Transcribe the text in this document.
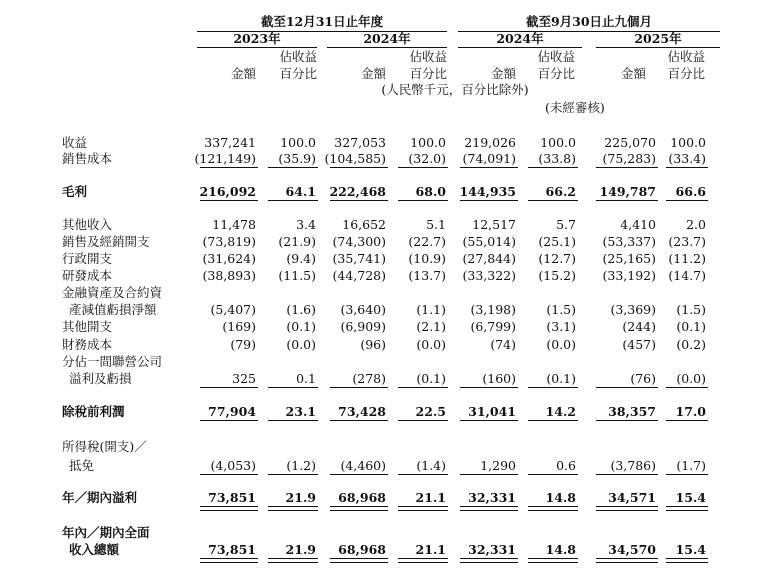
截至12月31日止年度	截至9月30日止九個月
2023年	2024年	2024年	2025年
佔收益	佔收益	佔收益	佔收益
金額	百分比	金額	百分比	金額	百分比	金額	百分比
(人民幣千元，百分比除外)
(未經審核)
收益	337,241	100.0	327,053	100.0	219,026	100.0	225,070	100.0
銷售成本	(121,149)	(35.9) (104,585)	(32.0)	(74,091)	(33.8)	(75,283) (33.4)
毛利	216,092	64.1	222,468	68.0	144,935	66.2	149,787	66.6
其他收入	11,478	3.4	16,652	5.1	12,517	5.7	4,410	2.0
銷售及經銷開支	(73,819)	(21.9)	(74,300)	(22.7)	(55,014)	(25.1)	(53,337) (23.7)
行政開支	(31,624)	(9.4)	(35,741)	(10.9)	(27,844)	(12.7)	(25,165) (11.2)
研發成本	(38,893)	(11.5)	(44,728)	(13.7)	(33,322)	(15.2)	(33,192) (14.7)
金融資產及合約資
產減值虧損淨額	(5,407)	(1.6)	(3,640)	(1.1)	(3,198)	(1.5)	(3,369)	(1.5)
其他開支	(169)	(0.1)	(6,909)	(2.1)	(6,799)	(3.1)	(244)	(0.1)
財務成本	(79)	(0.0)	(96)	(0.0)	(74)	(0.0)	(457)	(0.2)
分佔一間聯營公司
溢利及虧損	325	0.1	(278)	(0.1)	(160)	(0.1)	(76)	(0.0)
除稅前利潤	77,904	23.1	73,428	22.5	31,041	14.2	38,357	17.0
所得稅(開支)／
抵免	(4,053)	(1.2)	(4,460)	(1.4)	1,290	0.6	(3,786)	(1.7)
年／期內溢利	73,851	21.9	68,968	21.1	32,331	14.8	34,571	15.4
年內／期內全面
收入總額	73,851	21.9	68,968	21.1	32,331	14.8	34,570	15.4
